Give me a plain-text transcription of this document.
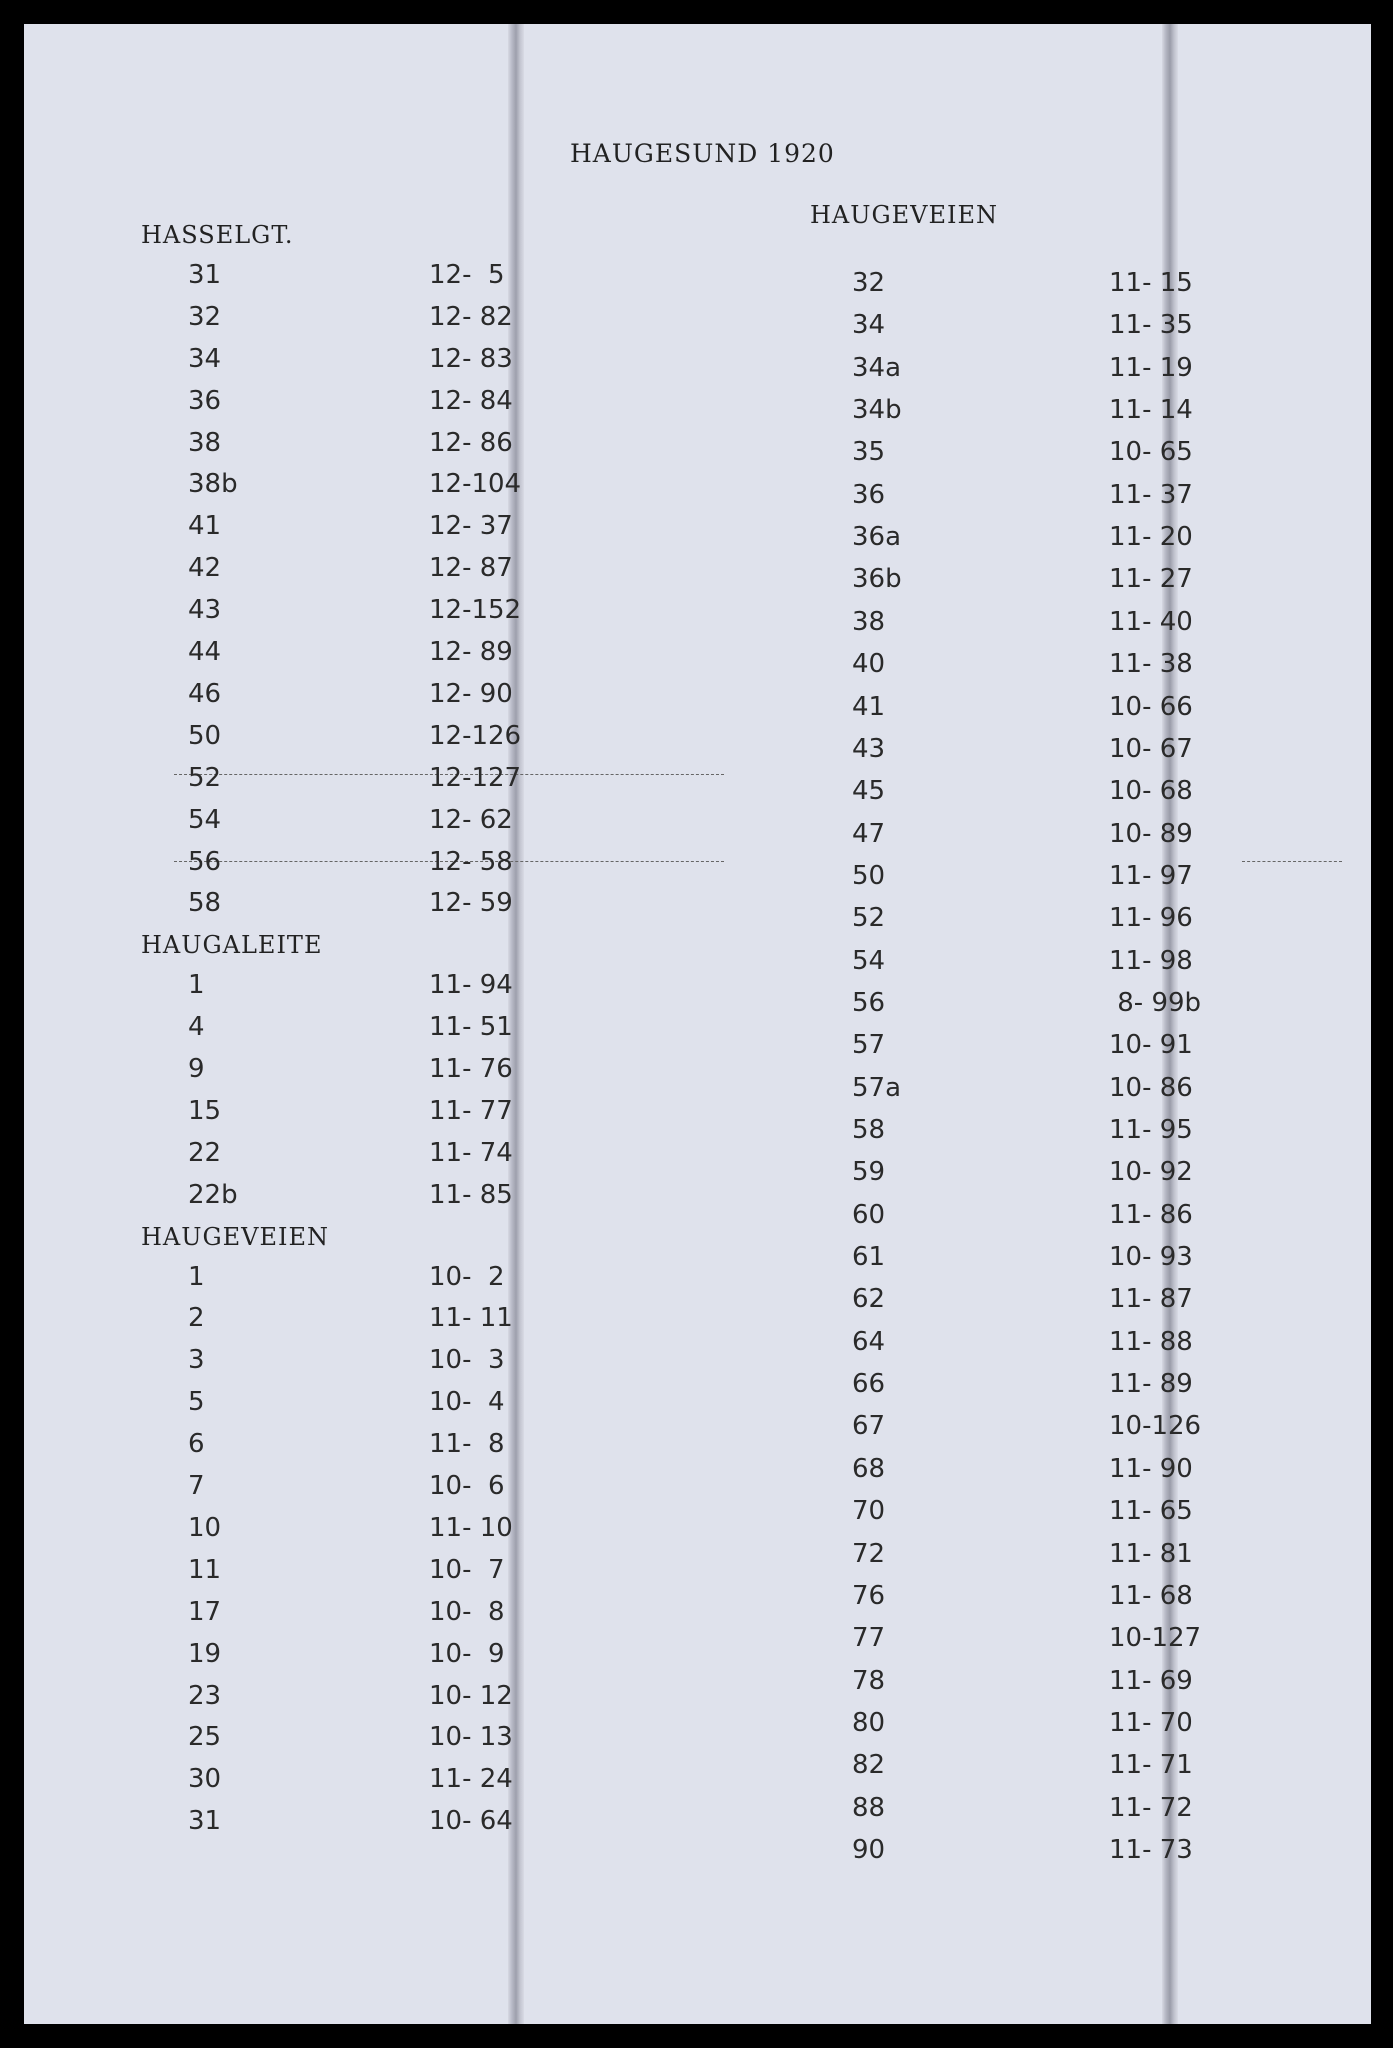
HAUGESUND 1920
HAUGEVEIEN
HASSELGT.
31	12-  5
32	12- 82
34	12- 83
36	12- 84
38	12- 86
38b	12-104
41	12- 37
42	12- 87
43	12-152
44	12- 89
46	12- 90
50	12-126
52	12-127
54	12- 62
56	12- 58
58	12- 59
HAUGALEITE
1	11- 94
4	11- 51
9	11- 76
15	11- 77
22	11- 74
22b	11- 85
HAUGEVEIEN
1	10-  2
2	11- 11
3	10-  3
5	10-  4
6	11-  8
7	10-  6
10	11- 10
11	10-  7
17	10-  8
19	10-  9
23	10- 12
25	10- 13
30	11- 24
31	10- 64
32	11- 15
34	11- 35
34a	11- 19
34b	11- 14
35	10- 65
36	11- 37
36a	11- 20
36b	11- 27
38	11- 40
40	11- 38
41	10- 66
43	10- 67
45	10- 68
47	10- 89
50	11- 97
52	11- 96
54	11- 98
56	8- 99b
57	10- 91
57a	10- 86
58	11- 95
59	10- 92
60	11- 86
61	10- 93
62	11- 87
64	11- 88
66	11- 89
67	10-126
68	11- 90
70	11- 65
72	11- 81
76	11- 68
77	10-127
78	11- 69
80	11- 70
82	11- 71
88	11- 72
90	11- 73
